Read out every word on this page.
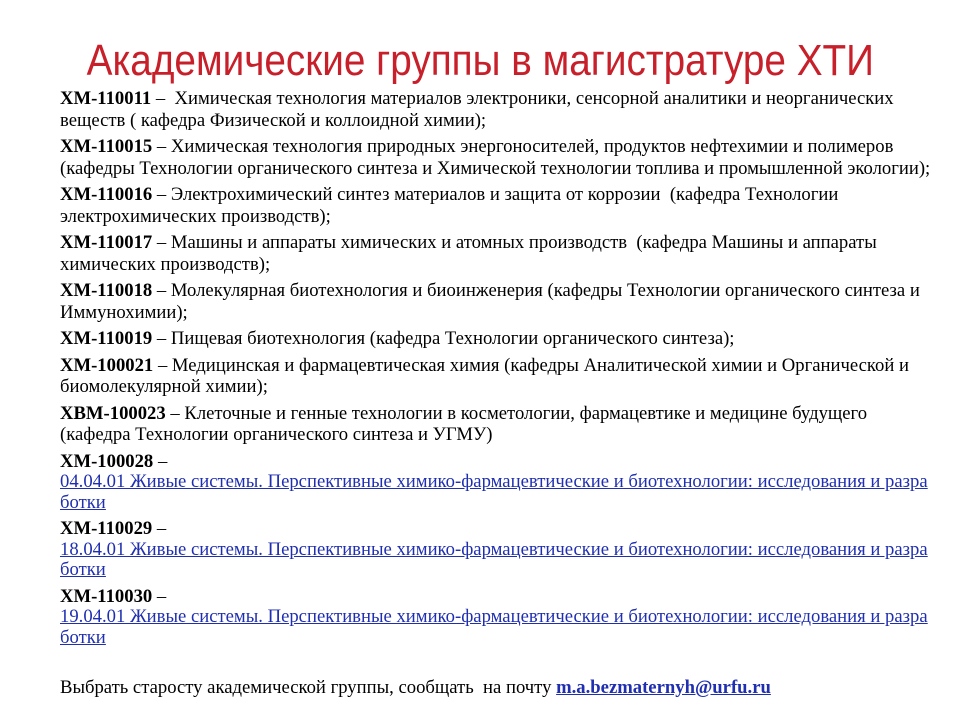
Академические группы в магистратуре ХТИ
ХМ-110011 –  Химическая технология материалов электроники, сенсорной аналитики и неорганических веществ ( кафедра Физической и коллоидной химии);
ХМ-110015 – Химическая технология природных энергоносителей, продуктов нефтехимии и полимеров (кафедры Технологии органического синтеза и Химической технологии топлива и промышленной экологии);
ХМ-110016 – Электрохимический синтез материалов и защита от коррозии  (кафедра Технологии электрохимических производств);
ХМ-110017 – Машины и аппараты химических и атомных производств  (кафедра Машины и аппараты химических производств);
ХМ-110018 – Молекулярная биотехнология и биоинженерия (кафедры Технологии органического синтеза и Иммунохимии);
ХМ-110019 – Пищевая биотехнология (кафедра Технологии органического синтеза);
ХМ-100021 – Медицинская и фармацевтическая химия (кафедры Аналитической химии и Органической и биомолекулярной химии);
ХВМ-100023 – Клеточные и генные технологии в косметологии, фармацевтике и медицине будущего (кафедра Технологии органического синтеза и УГМУ)
ХМ-100028 –
04.04.01 Живые системы. Перспективные химико-фармацевтические и биотехнологии: исследования и разра
ботки
ХМ-110029 –
18.04.01 Живые системы. Перспективные химико-фармацевтические и биотехнологии: исследования и разра
ботки
ХМ-110030 –
19.04.01 Живые системы. Перспективные химико-фармацевтические и биотехнологии: исследования и разра
ботки
Выбрать старосту академической группы, сообщать  на почту m.a.bezmaternyh@urfu.ru
